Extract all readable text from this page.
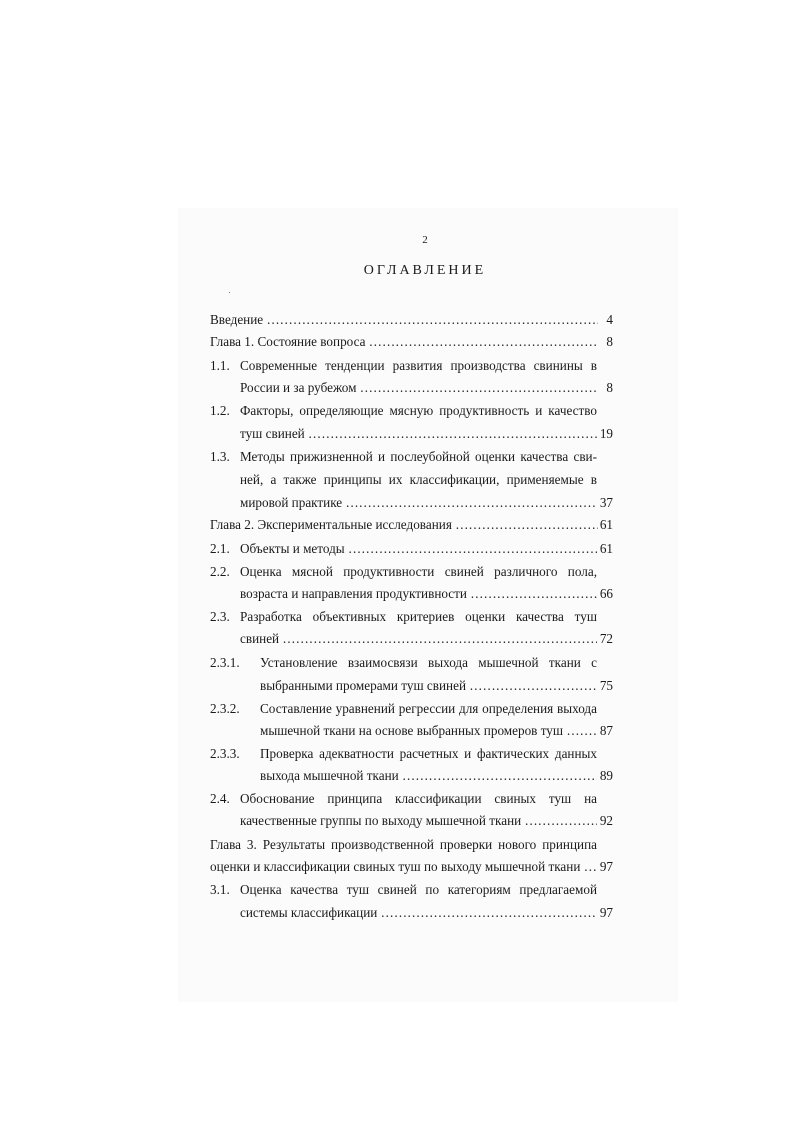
2
ОГЛАВЛЕНИЕ
Введение
…………………………………………………………………………………………………………………………………	4
Глава 1. Состояние вопроса
…………………………………………………………………………………………………………………………………	8
1.1. Современные тенденции развития производства свинины в
России и за рубежом
…………………………………………………………………………………………………………………………………	8
1.2. Факторы, определяющие мясную продуктивность и качество
туш свиней
…………………………………………………………………………………………………………………………………	19
1.3. Методы прижизненной и послеубойной оценки качества сви-
ней, а также принципы их классификации, применяемые в
мировой практике
…………………………………………………………………………………………………………………………………	37
Глава 2. Экспериментальные исследования
…………………………………………………………………………………………………………………………………	61
2.1. Объекты и методы
…………………………………………………………………………………………………………………………………	61
2.2. Оценка мясной продуктивности свиней различного пола,
возраста и направления продуктивности
…………………………………………………………………………………………………………………………………	66
2.3. Разработка объективных критериев оценки качества туш
свиней
…………………………………………………………………………………………………………………………………	72
2.3.1. Установление взаимосвязи выхода мышечной ткани с
выбранными промерами туш свиней
…………………………………………………………………………………………………………………………………	75
2.3.2. Составление уравнений регрессии для определения выхода
мышечной ткани на основе выбранных промеров туш
…………………………………………………………………………………………………………………………………	87
2.3.3. Проверка адекватности расчетных и фактических данных
выхода мышечной ткани
…………………………………………………………………………………………………………………………………	89
2.4. Обоснование принципа классификации свиных туш на
качественные группы по выходу мышечной ткани
…………………………………………………………………………………………………………………………………	92
Глава 3. Результаты производственной проверки нового принципа
оценки и классификации свиных туш по выходу мышечной ткани
…………………………………………………………………………………………………………………………………	97
3.1. Оценка качества туш свиней по категориям предлагаемой
системы классификации
…………………………………………………………………………………………………………………………………	97
